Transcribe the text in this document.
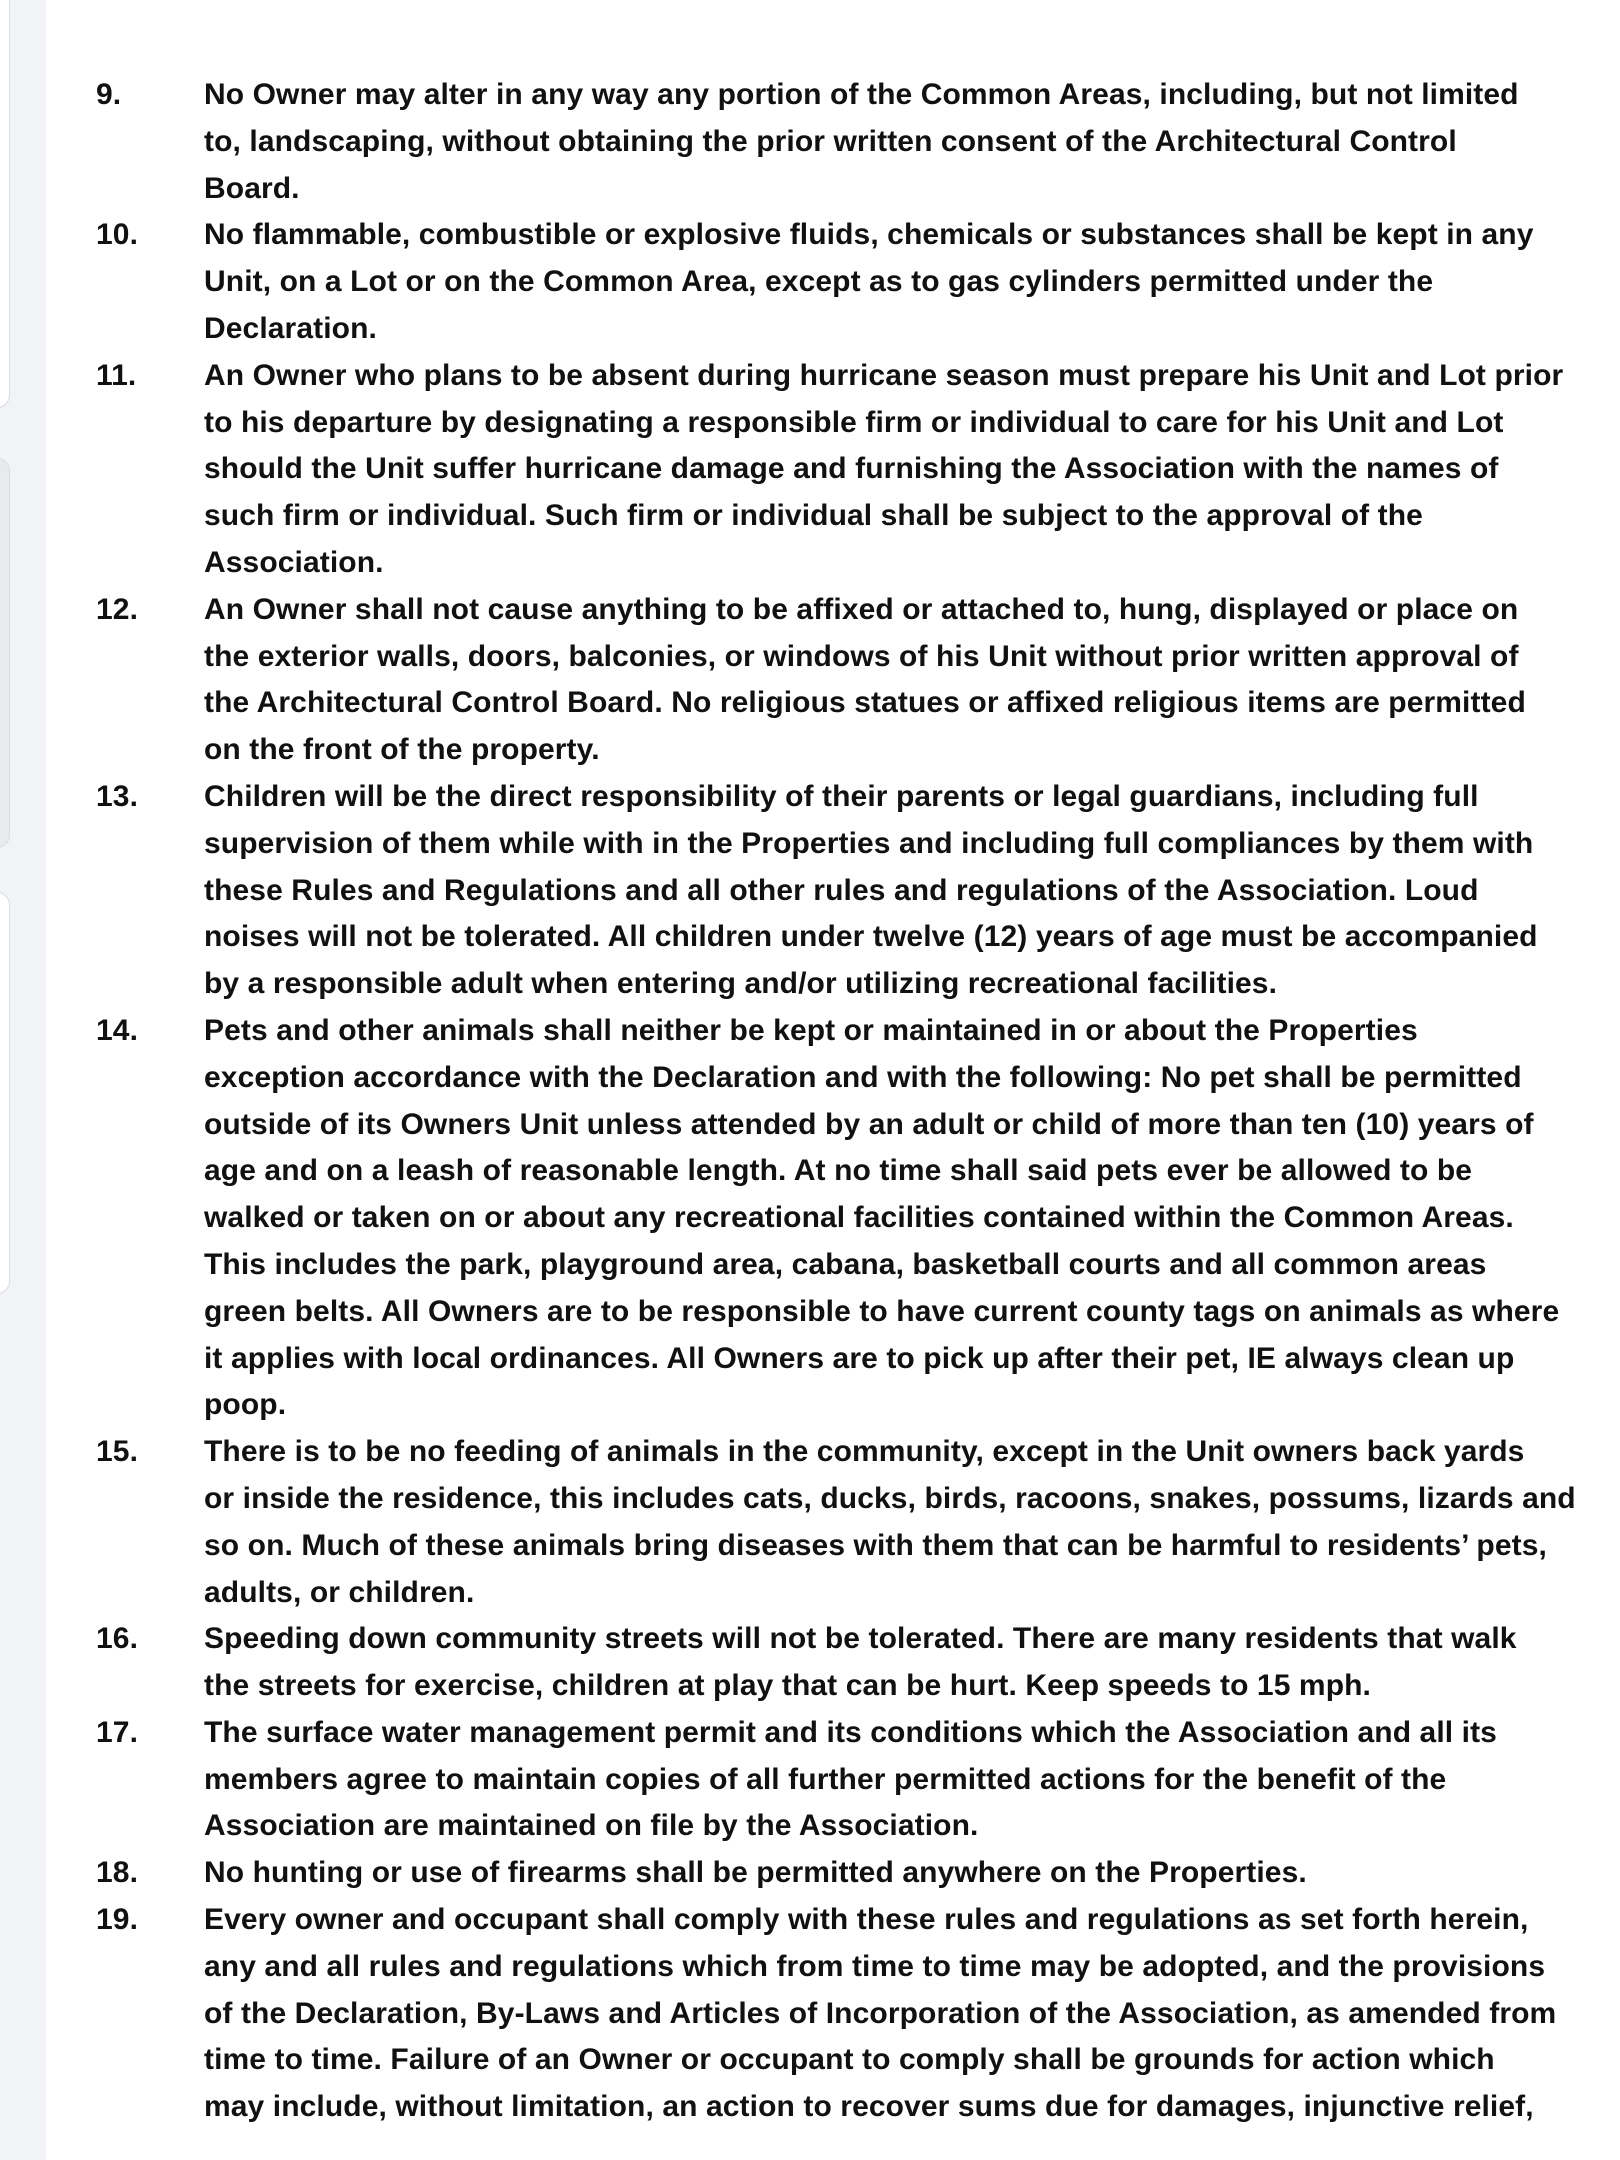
9.	No Owner may alter in any way any portion of the Common Areas, including, but not limited
to, landscaping, without obtaining the prior written consent of the Architectural Control
Board.
10.	No flammable, combustible or explosive fluids, chemicals or substances shall be kept in any
Unit, on a Lot or on the Common Area, except as to gas cylinders permitted under the
Declaration.
11.	An Owner who plans to be absent during hurricane season must prepare his Unit and Lot prior
to his departure by designating a responsible firm or individual to care for his Unit and Lot
should the Unit suffer hurricane damage and furnishing the Association with the names of
such firm or individual. Such firm or individual shall be subject to the approval of the
Association.
12.	An Owner shall not cause anything to be affixed or attached to, hung, displayed or place on
the exterior walls, doors, balconies, or windows of his Unit without prior written approval of
the Architectural Control Board. No religious statues or affixed religious items are permitted
on the front of the property.
13.	Children will be the direct responsibility of their parents or legal guardians, including full
supervision of them while with in the Properties and including full compliances by them with
these Rules and Regulations and all other rules and regulations of the Association. Loud
noises will not be tolerated. All children under twelve (12) years of age must be accompanied
by a responsible adult when entering and/or utilizing recreational facilities.
14.	Pets and other animals shall neither be kept or maintained in or about the Properties
exception accordance with the Declaration and with the following: No pet shall be permitted
outside of its Owners Unit unless attended by an adult or child of more than ten (10) years of
age and on a leash of reasonable length. At no time shall said pets ever be allowed to be
walked or taken on or about any recreational facilities contained within the Common Areas.
This includes the park, playground area, cabana, basketball courts and all common areas
green belts. All Owners are to be responsible to have current county tags on animals as where
it applies with local ordinances. All Owners are to pick up after their pet, IE always clean up
poop.
15.	There is to be no feeding of animals in the community, except in the Unit owners back yards
or inside the residence, this includes cats, ducks, birds, racoons, snakes, possums, lizards and
so on. Much of these animals bring diseases with them that can be harmful to residents’ pets,
adults, or children.
16.	Speeding down community streets will not be tolerated. There are many residents that walk
the streets for exercise, children at play that can be hurt. Keep speeds to 15 mph.
17.	The surface water management permit and its conditions which the Association and all its
members agree to maintain copies of all further permitted actions for the benefit of the
Association are maintained on file by the Association.
18.	No hunting or use of firearms shall be permitted anywhere on the Properties.
19.	Every owner and occupant shall comply with these rules and regulations as set forth herein,
any and all rules and regulations which from time to time may be adopted, and the provisions
of the Declaration, By-Laws and Articles of Incorporation of the Association, as amended from
time to time. Failure of an Owner or occupant to comply shall be grounds for action which
may include, without limitation, an action to recover sums due for damages, injunctive relief,
